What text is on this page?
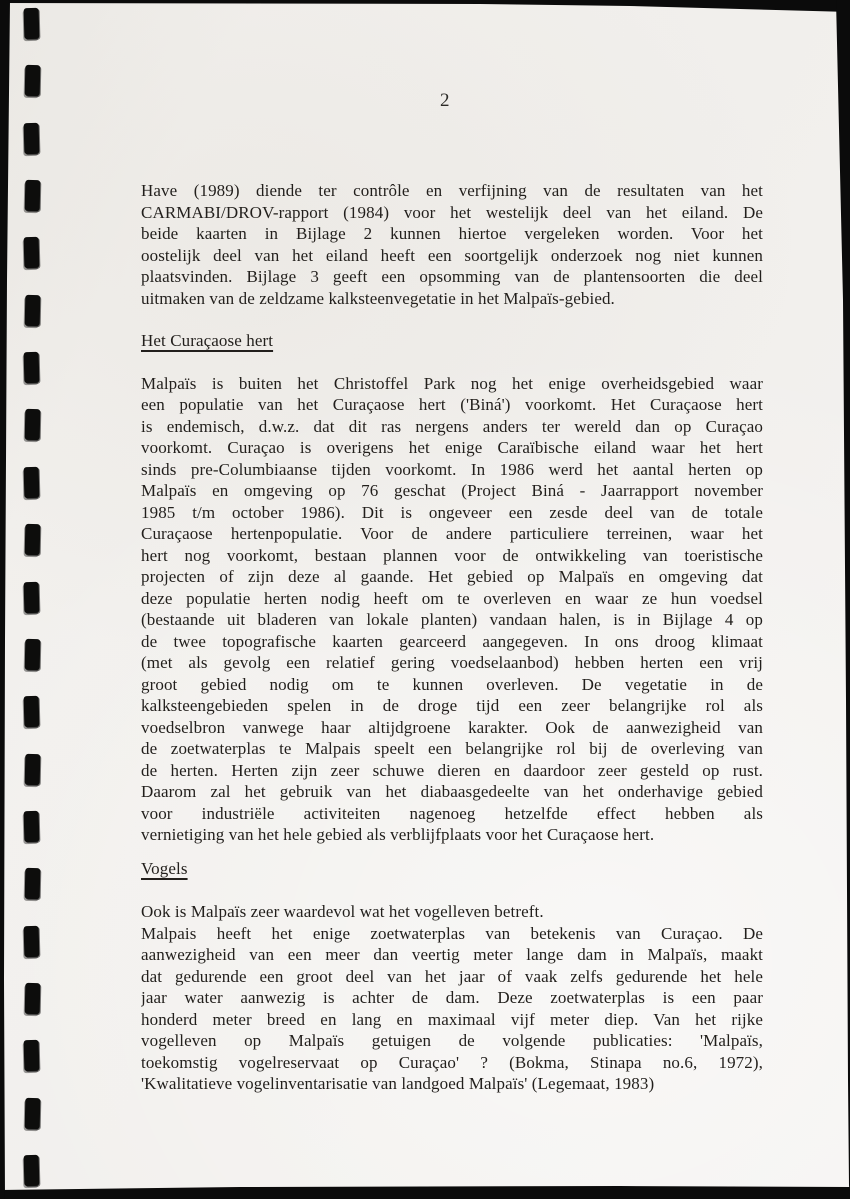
2
Have (1989) diende ter contrôle en verfijning van de resultaten van het
CARMABI/DROV-rapport (1984) voor het westelijk deel van het eiland. De
beide kaarten in Bijlage 2 kunnen hiertoe vergeleken worden. Voor het
oostelijk deel van het eiland heeft een soortgelijk onderzoek nog niet kunnen
plaatsvinden. Bijlage 3 geeft een opsomming van de plantensoorten die deel
uitmaken van de zeldzame kalksteenvegetatie in het Malpaïs-gebied.
Het Curaçaose hert
Malpaïs is buiten het Christoffel Park nog het enige overheidsgebied waar
een populatie van het Curaçaose hert ('Biná') voorkomt. Het Curaçaose hert
is endemisch, d.w.z. dat dit ras nergens anders ter wereld dan op Curaçao
voorkomt. Curaçao is overigens het enige Caraïbische eiland waar het hert
sinds pre-Columbiaanse tijden voorkomt. In 1986 werd het aantal herten op
Malpaïs en omgeving op 76 geschat (Project Biná - Jaarrapport november
1985 t/m october 1986). Dit is ongeveer een zesde deel van de totale
Curaçaose hertenpopulatie. Voor de andere particuliere terreinen, waar het
hert nog voorkomt, bestaan plannen voor de ontwikkeling van toeristische
projecten of zijn deze al gaande. Het gebied op Malpaïs en omgeving dat
deze populatie herten nodig heeft om te overleven en waar ze hun voedsel
(bestaande uit bladeren van lokale planten) vandaan halen, is in Bijlage 4 op
de twee topografische kaarten gearceerd aangegeven. In ons droog klimaat
(met als gevolg een relatief gering voedselaanbod) hebben herten een vrij
groot gebied nodig om te kunnen overleven. De vegetatie in de
kalksteengebieden spelen in de droge tijd een zeer belangrijke rol als
voedselbron vanwege haar altijdgroene karakter. Ook de aanwezigheid van
de zoetwaterplas te Malpais speelt een belangrijke rol bij de overleving van
de herten. Herten zijn zeer schuwe dieren en daardoor zeer gesteld op rust.
Daarom zal het gebruik van het diabaasgedeelte van het onderhavige gebied
voor industriële activiteiten nagenoeg hetzelfde effect hebben als
vernietiging van het hele gebied als verblijfplaats voor het Curaçaose hert.
Vogels
Ook is Malpaïs zeer waardevol wat het vogelleven betreft.
Malpais heeft het enige zoetwaterplas van betekenis van Curaçao. De
aanwezigheid van een meer dan veertig meter lange dam in Malpaïs, maakt
dat gedurende een groot deel van het jaar of vaak zelfs gedurende het hele
jaar water aanwezig is achter de dam. Deze zoetwaterplas is een paar
honderd meter breed en lang en maximaal vijf meter diep. Van het rijke
vogelleven op Malpaïs getuigen de volgende publicaties: 'Malpaïs,
toekomstig vogelreservaat op Curaçao' ? (Bokma, Stinapa no.6, 1972),
'Kwalitatieve vogelinventarisatie van landgoed Malpaïs' (Legemaat, 1983)
